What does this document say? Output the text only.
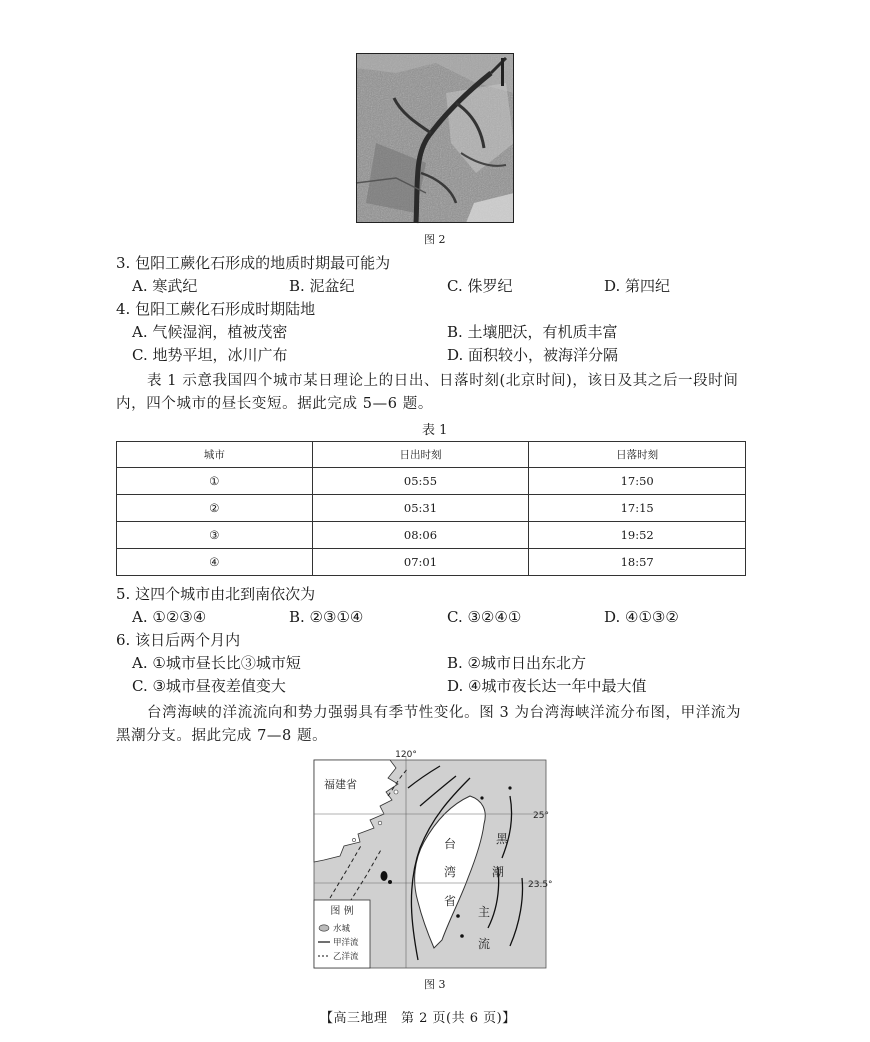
图 2
3. 包阳工蕨化石形成的地质时期最可能为
A. 寒武纪	B. 泥盆纪	C. 侏罗纪	D. 第四纪
4. 包阳工蕨化石形成时期陆地
A. 气候湿润，植被茂密	B. 土壤肥沃，有机质丰富
C. 地势平坦，冰川广布	D. 面积较小，被海洋分隔
表 1 示意我国四个城市某日理论上的日出、日落时刻(北京时间)，该日及其之后一段时间
内，四个城市的昼长变短。据此完成 5—6 题。
表 1
城市	日出时刻	日落时刻
①	05:55	17:50
②	05:31	17:15
③	08:06	19:52
④	07:01	18:57
5. 这四个城市由北到南依次为
A. ①②③④	B. ②③①④	C. ③②④①	D. ④①③②
6. 该日后两个月内
A. ①城市昼长比③城市短	B. ②城市日出东北方
C. ③城市昼夜差值变大	D. ④城市夜长达一年中最大值
台湾海峡的洋流流向和势力强弱具有季节性变化。图 3 为台湾海峡洋流分布图，甲洋流为
黑潮分支。据此完成 7—8 题。
120°
25°
23.5°
福建省
台
湾
省
黑
潮
主
流
图 例
水城
甲洋流
乙洋流
图 3
【高三地理　第 2 页(共 6 页)】
